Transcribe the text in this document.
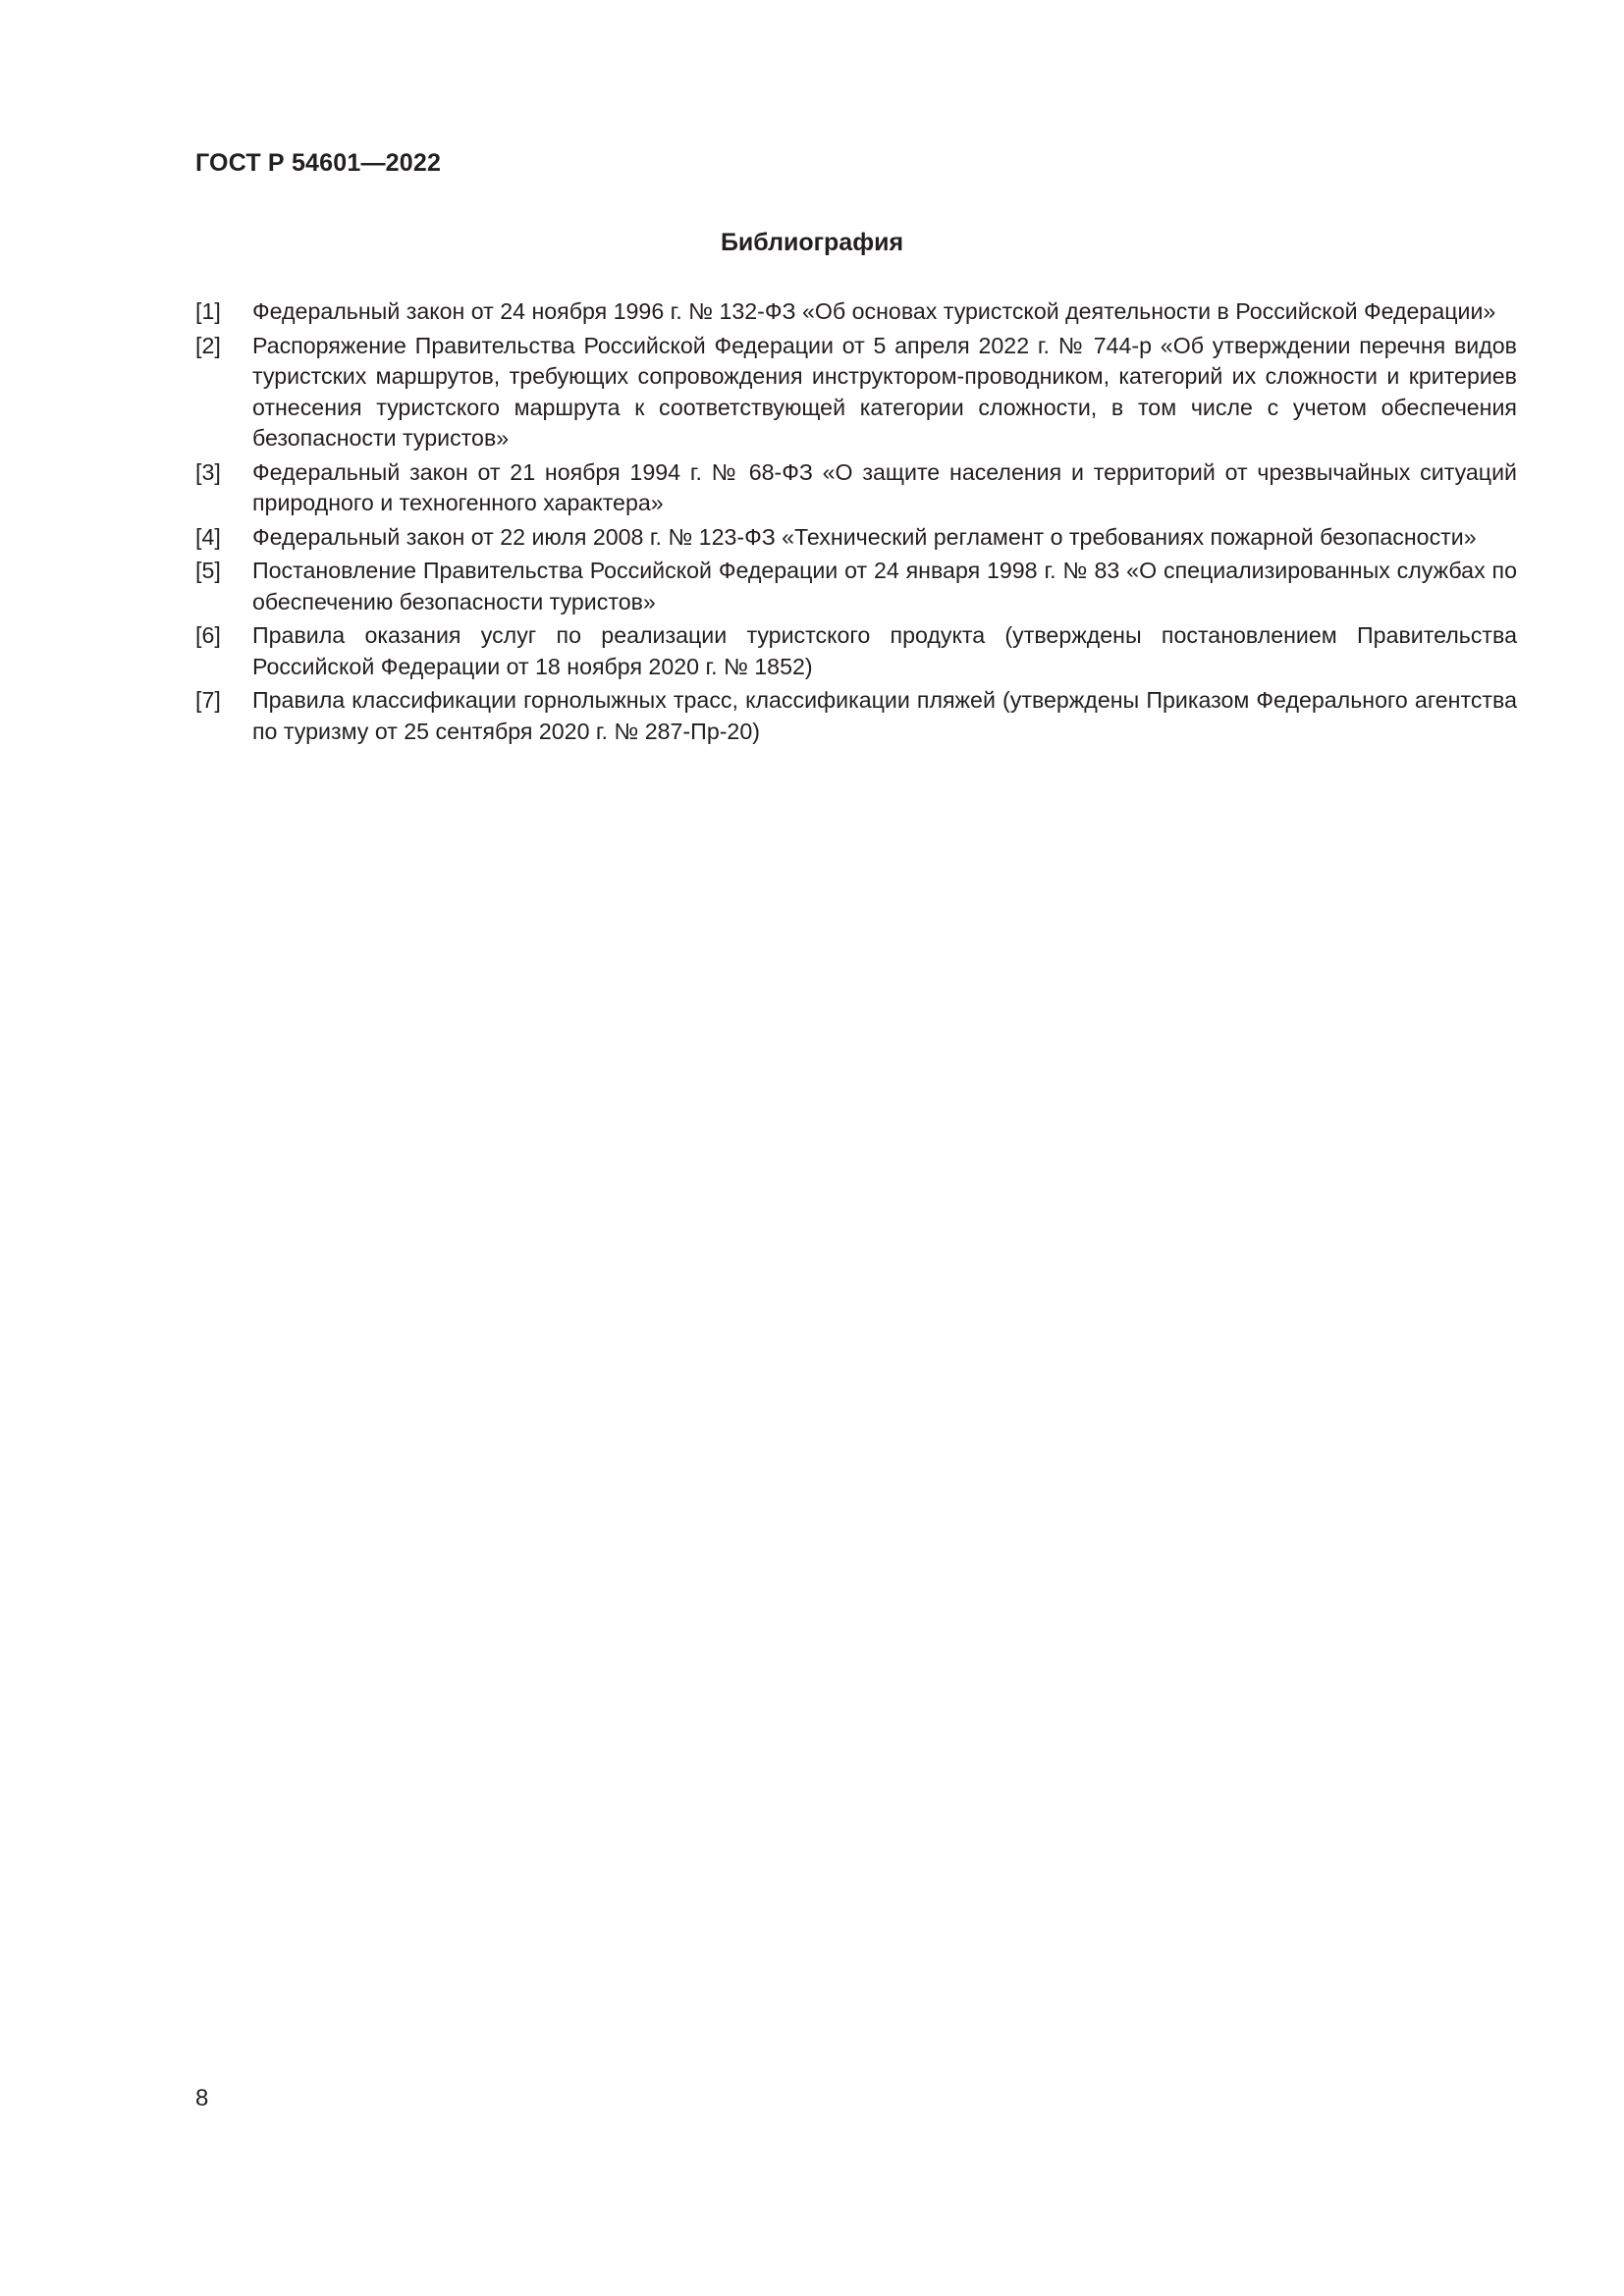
ГОСТ Р 54601—2022
Библиография
[1]	Федеральный закон от 24 ноября 1996 г. № 132-ФЗ «Об основах туристской деятельности в Российской Федерации»
[2]	Распоряжение Правительства Российской Федерации от 5 апреля 2022 г. № 744-р «Об утверждении перечня видов туристских маршрутов, требующих сопровождения инструктором-проводником, категорий их сложности и критериев отнесения туристского маршрута к соответствующей категории сложности, в том числе с учетом обеспечения безопасности туристов»
[3]	Федеральный закон от 21 ноября 1994 г. № 68-ФЗ «О защите населения и территорий от чрезвычайных ситуаций природного и техногенного характера»
[4]	Федеральный закон от 22 июля 2008 г. № 123-ФЗ «Технический регламент о требованиях пожарной безопасности»
[5]	Постановление Правительства Российской Федерации от 24 января 1998 г. № 83 «О специализированных службах по обеспечению безопасности туристов»
[6]	Правила оказания услуг по реализации туристского продукта (утверждены постановлением Правительства Российской Федерации от 18 ноября 2020 г. № 1852)
[7]	Правила классификации горнолыжных трасс, классификации пляжей (утверждены Приказом Федерального агентства по туризму от 25 сентября 2020 г. № 287-Пр-20)
8
